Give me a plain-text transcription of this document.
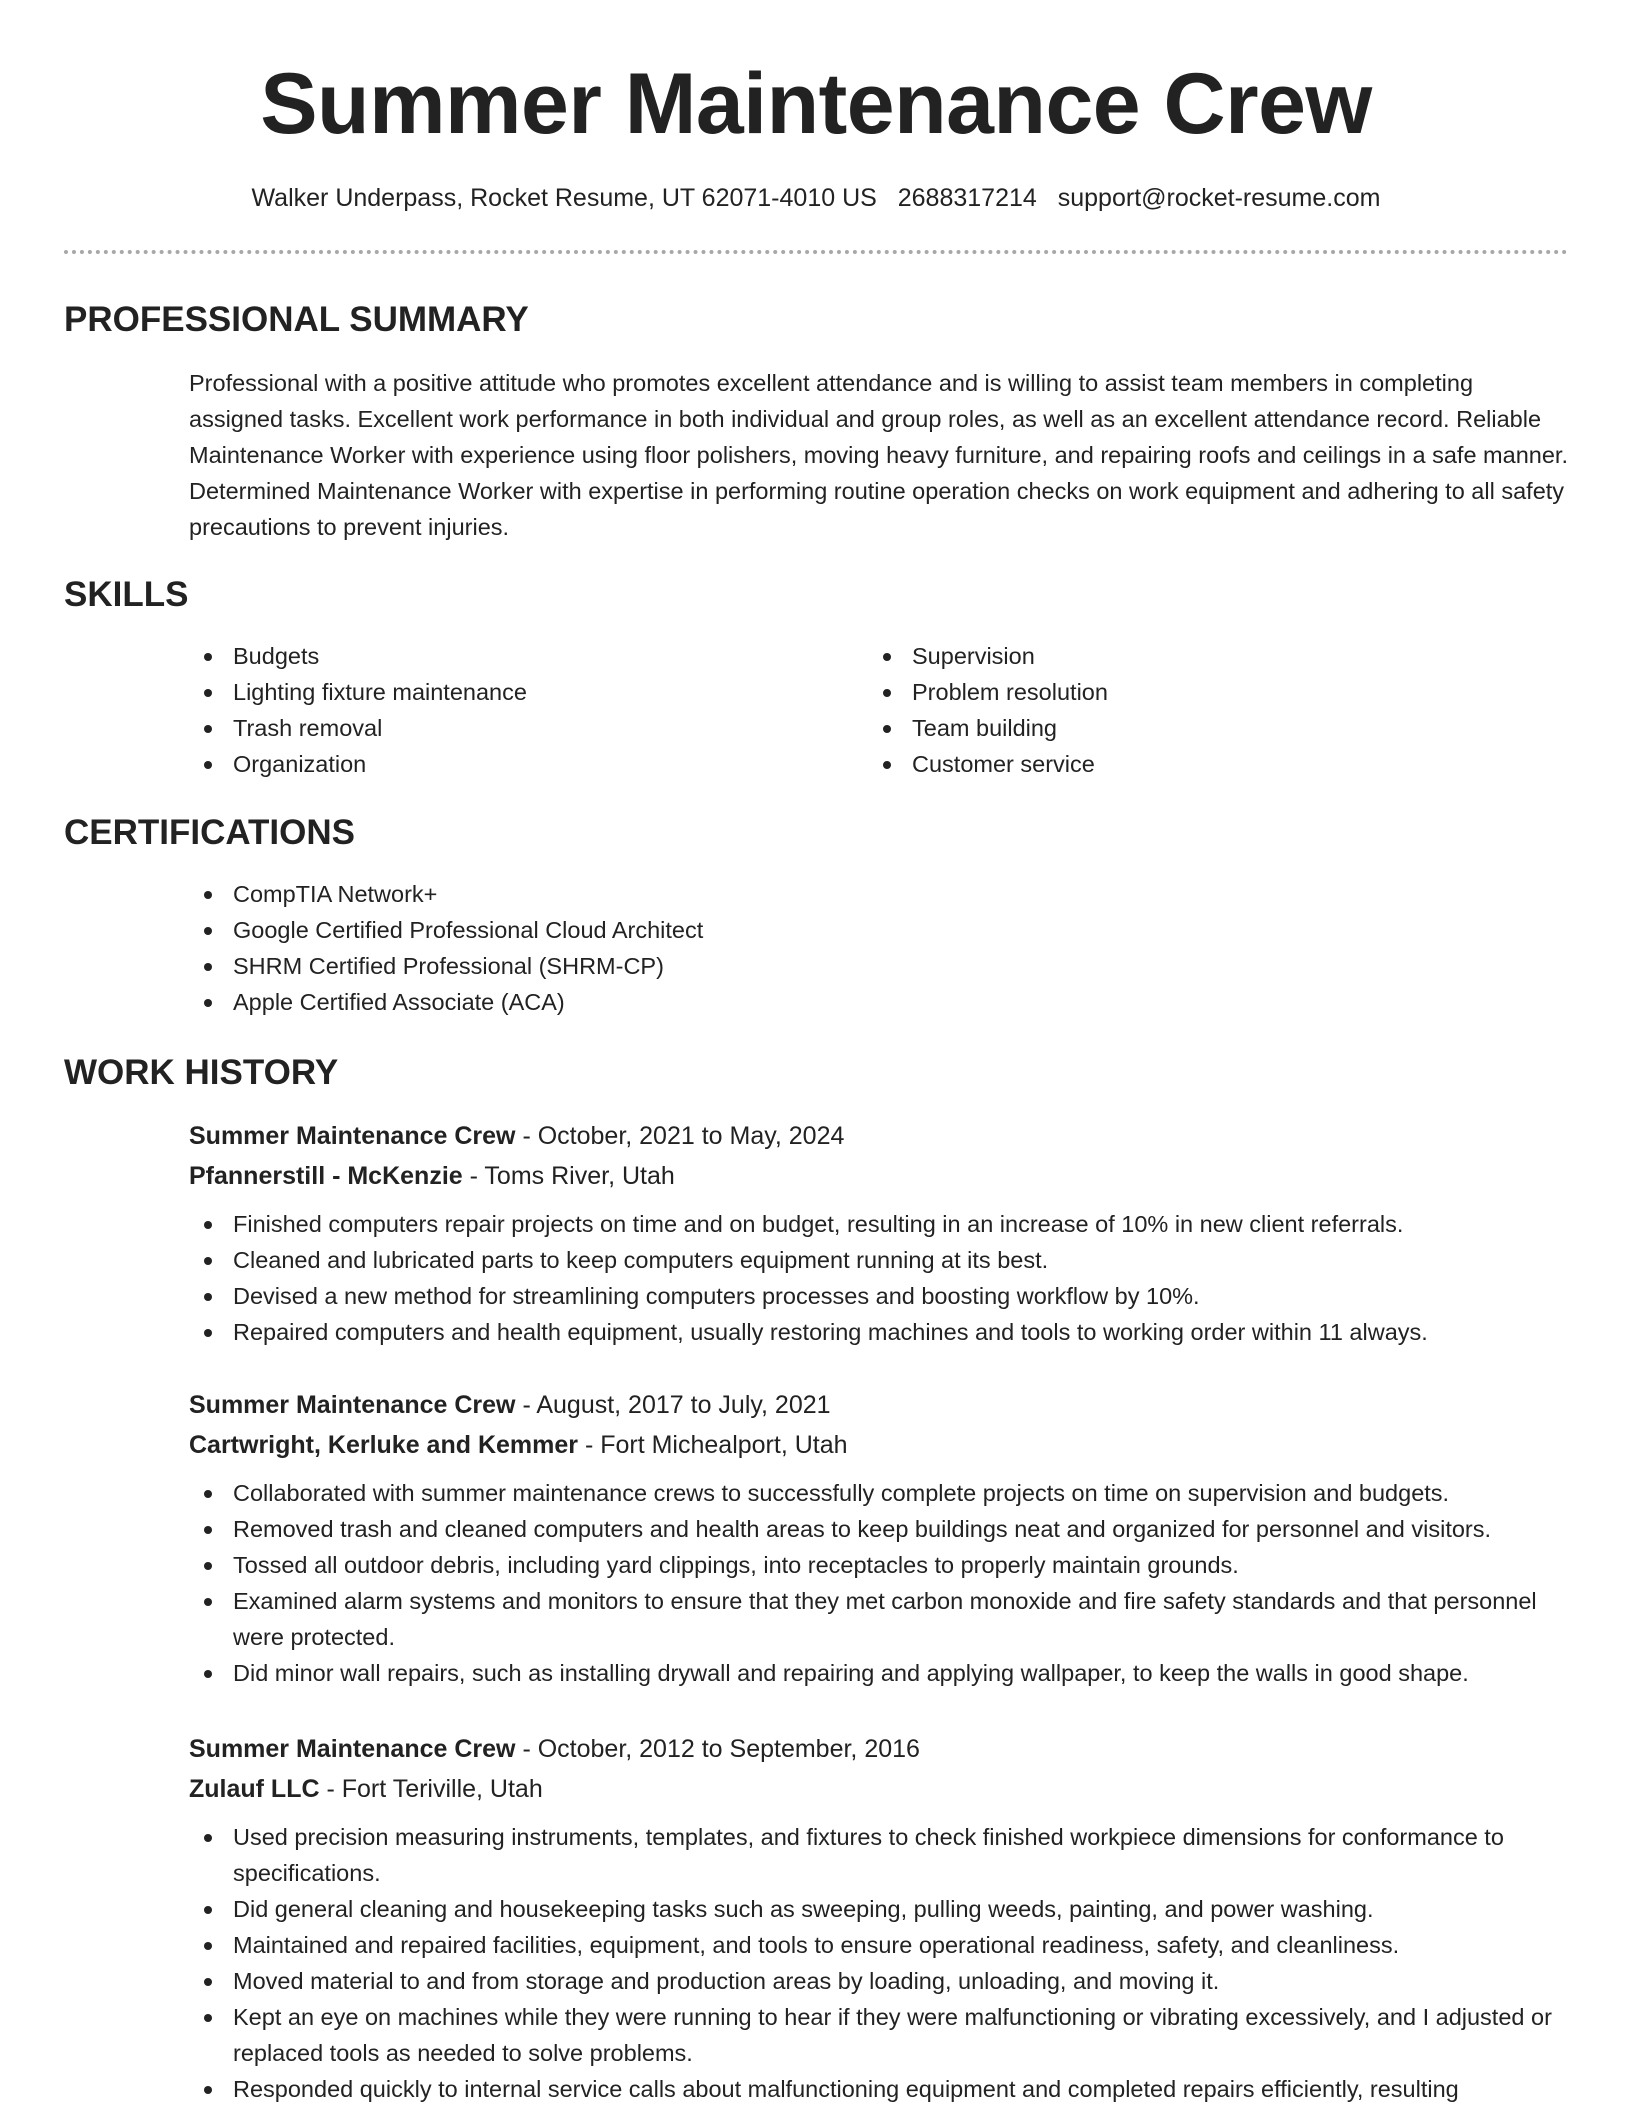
Summer Maintenance Crew
Walker Underpass, Rocket Resume, UT 62071-4010 US 2688317214 support@rocket-resume.com
PROFESSIONAL SUMMARY
Professional with a positive attitude who promotes excellent attendance and is willing to assist team members in completing assigned tasks. Excellent work performance in both individual and group roles, as well as an excellent attendance record. Reliable Maintenance Worker with experience using floor polishers, moving heavy furniture, and repairing roofs and ceilings in a safe manner. Determined Maintenance Worker with expertise in performing routine operation checks on work equipment and adhering to all safety precautions to prevent injuries.
SKILLS
Budgets
Lighting fixture maintenance
Trash removal
Organization
Supervision
Problem resolution
Team building
Customer service
CERTIFICATIONS
CompTIA Network+
Google Certified Professional Cloud Architect
SHRM Certified Professional (SHRM-CP)
Apple Certified Associate (ACA)
WORK HISTORY
Summer Maintenance Crew - October, 2021 to May, 2024
Pfannerstill - McKenzie - Toms River, Utah
Finished computers repair projects on time and on budget, resulting in an increase of 10% in new client referrals.
Cleaned and lubricated parts to keep computers equipment running at its best.
Devised a new method for streamlining computers processes and boosting workflow by 10%.
Repaired computers and health equipment, usually restoring machines and tools to working order within 11 always.
Summer Maintenance Crew - August, 2017 to July, 2021
Cartwright, Kerluke and Kemmer - Fort Michealport, Utah
Collaborated with summer maintenance crews to successfully complete projects on time on supervision and budgets.
Removed trash and cleaned computers and health areas to keep buildings neat and organized for personnel and visitors.
Tossed all outdoor debris, including yard clippings, into receptacles to properly maintain grounds.
Examined alarm systems and monitors to ensure that they met carbon monoxide and fire safety standards and that personnel were protected.
Did minor wall repairs, such as installing drywall and repairing and applying wallpaper, to keep the walls in good shape.
Summer Maintenance Crew - October, 2012 to September, 2016
Zulauf LLC - Fort Teriville, Utah
Used precision measuring instruments, templates, and fixtures to check finished workpiece dimensions for conformance to specifications.
Did general cleaning and housekeeping tasks such as sweeping, pulling weeds, painting, and power washing.
Maintained and repaired facilities, equipment, and tools to ensure operational readiness, safety, and cleanliness.
Moved material to and from storage and production areas by loading, unloading, and moving it.
Kept an eye on machines while they were running to hear if they were malfunctioning or vibrating excessively, and I adjusted or replaced tools as needed to solve problems.
Responded quickly to internal service calls about malfunctioning equipment and completed repairs efficiently, resulting
